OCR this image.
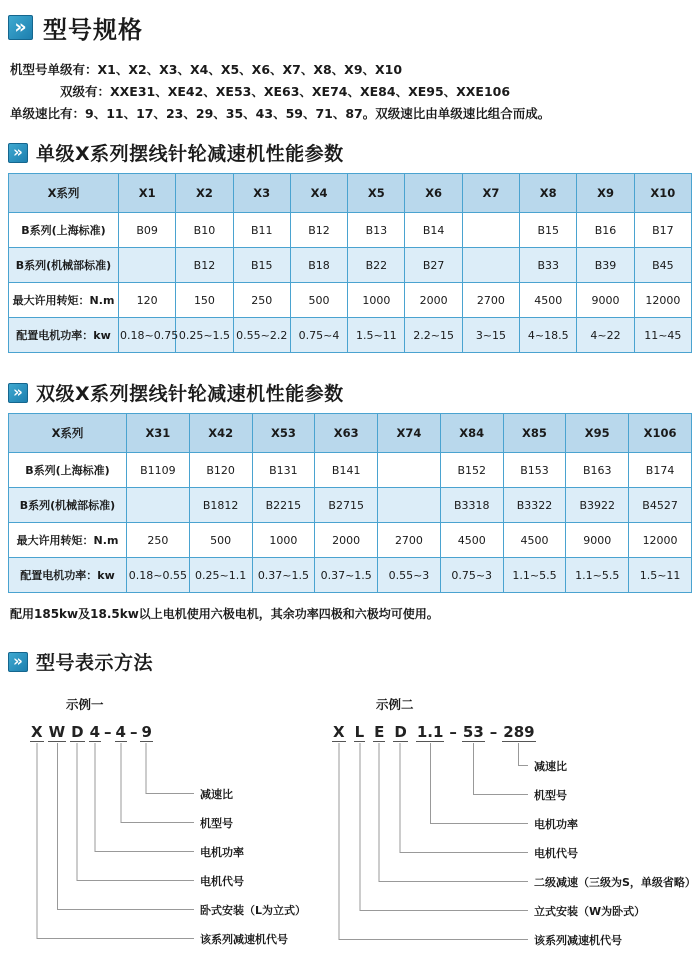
» 型号规格
机型号单级有：X1、X2、X3、X4、X5、X6、X7、X8、X9、X10
双级有：XXE31、XE42、XE53、XE63、XE74、XE84、XE95、XXE106
单级速比有：9、11、17、23、29、35、43、59、71、87。双级速比由单级速比组合而成。
» 单级X系列摆线针轮减速机性能参数
X系列	X1	X2	X3	X4	X5	X6	X7	X8	X9	X10
B系列(上海标准)	B09	B10	B11	B12	B13	B14		B15	B16	B17
B系列(机械部标准)		B12	B15	B18	B22	B27		B33	B39	B45
最大许用转矩：N.m	120	150	250	500	1000	2000	2700	4500	9000	12000
配置电机功率：kw	0.18~0.75	0.25~1.5	0.55~2.2	0.75~4	1.5~11	2.2~15	3~15	4~18.5	4~22	11~45
» 双级X系列摆线针轮减速机性能参数
X系列	X31	X42	X53	X63	X74	X84	X85	X95	X106
B系列(上海标准)	B1109	B120	B131	B141		B152	B153	B163	B174
B系列(机械部标准)		B1812	B2215	B2715		B3318	B3322	B3922	B4527
最大许用转矩：N.m	250	500	1000	2000	2700	4500	4500	9000	12000
配置电机功率：kw	0.18~0.55	0.25~1.1	0.37~1.5	0.37~1.5	0.55~3	0.75~3	1.1~5.5	1.1~5.5	1.5~11
配用185kw及18.5kw以上电机使用六极电机，其余功率四极和六极均可使用。
» 型号表示方法
示例一
X W D 4 – 4 – 9
减速比
机型号
电机功率
电机代号
卧式安装（L为立式）
该系列减速机代号
示例二
X L E D 1.1 – 53 – 289
减速比
机型号
电机功率
电机代号
二级减速（三级为S，单级省略）
立式安装（W为卧式）
该系列减速机代号
